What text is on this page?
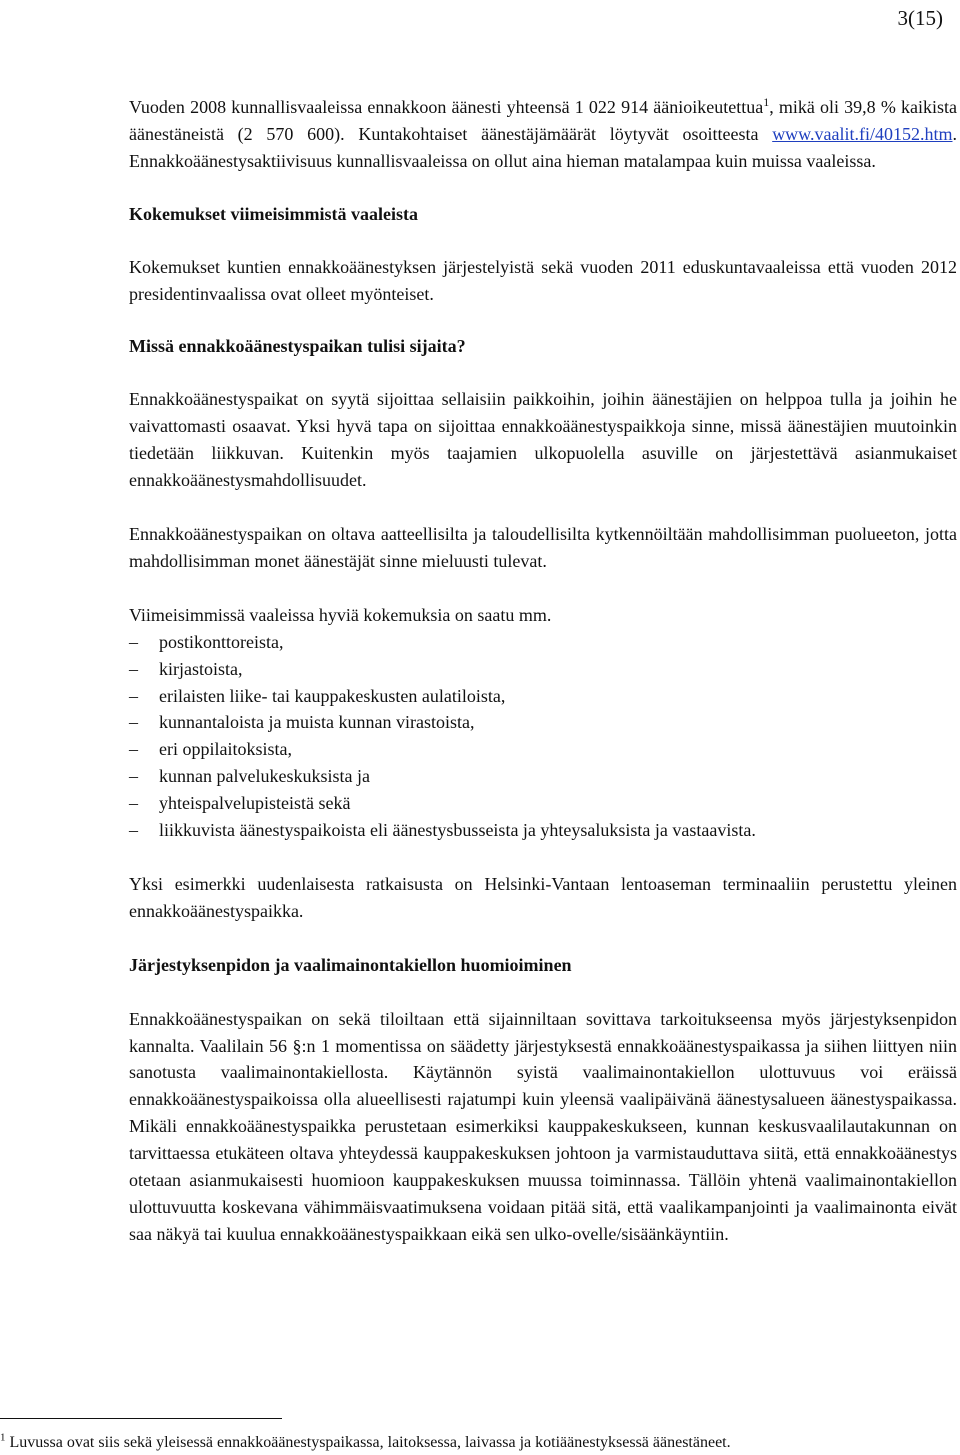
3(15)

Vuoden 2008 kunnallisvaaleissa ennakkoon äänesti yhteensä 1 022 914 äänioikeutettua$^1$, mikä oli 39,8 % kaikista äänestäneistä (2 570 600). Kuntakohtaiset äänestäjämäärät löytyvät osoitteesta www.vaalit.fi/40152.htm. Ennakkoäänestysaktiivisuus kunnallisvaaleissa on ollut aina hieman matalampaa kuin muissa vaaleissa.

Kokemukset viimeisimmistä vaaleista

Kokemukset kuntien ennakkoäänestyksen järjestelyistä sekä vuoden 2011 eduskuntavaaleissa että vuoden 2012 presidentinvaalissa ovat olleet myönteiset.

Missä ennakkoäänestyspaikan tulisi sijaita?

Ennakkoäänestyspaikat on syytä sijoittaa sellaisiin paikkoihin, joihin äänestäjien on helppoa tulla ja joihin he vaivattomasti osaavat. Yksi hyvä tapa on sijoittaa ennakkoäänestyspaikkoja sinne, missä äänestäjien muutoinkin tiedetään liikkuvan. Kuitenkin myös taajamien ulkopuolella asuville on järjestettävä asianmukaiset ennakkoäänestysmahdollisuudet.

Ennakkoäänestyspaikan on oltava aatteellisilta ja taloudellisilta kytkennöiltään mahdollisimman puolueeton, jotta mahdollisimman monet äänestäjät sinne mieluusti tulevat.

Viimeisimmissä vaaleissa hyviä kokemuksia on saatu mm.

– postikonttoreista,
– kirjastoista,
– erilaisten liike- tai kauppakeskusten aulatiloista,
– kunnantaloista ja muista kunnan virastoista,
– eri oppilaitoksista,
– kunnan palvelukeskuksista ja
– yhteispalvelupisteistä sekä
– liikkuvista äänestyspaikoista eli äänestysbusseista ja yhteysaluksista ja vastaavista.

Yksi esimerkki uudenlaisesta ratkaisusta on Helsinki-Vantaan lentoaseman terminaaliin perustettu yleinen ennakkoäänestyspaikka.

Järjestyksenpidon ja vaalimainontakiellon huomioiminen

Ennakkoäänestyspaikan on sekä tiloiltaan että sijainniltaan sovittava tarkoitukseensa myös järjestyksenpidon kannalta. Vaalilain 56 §:n 1 momentissa on säädetty järjestyksestä ennakkoäänestyspaikassa ja siihen liittyen niin sanotusta vaalimainontakiellosta. Käytännön syistä vaalimainontakiellon ulottuvuus voi eräissä ennakkoäänestyspaikoissa olla alueellisesti rajatumpi kuin yleensä vaalipäivänä äänestysalueen äänestyspaikassa. Mikäli ennakkoäänestyspaikka perustetaan esimerkiksi kauppakeskukseen, kunnan keskusvaalilautakunnan on tarvittaessa etukäteen oltava yhteydessä kauppakeskuksen johtoon ja varmistauduttava siitä, että ennakkoäänestys otetaan asianmukaisesti huomioon kauppakeskuksen muussa toiminnassa. Tällöin yhtenä vaalimainontakiellon ulottuvuutta koskevana vähimmäisvaatimuksena voidaan pitää sitä, että vaalikampanjointi ja vaalimainonta eivät saa näkyä tai kuulua ennakkoäänestyspaikkaan eikä sen ulko-ovelle/sisäänkäyntiin.

$^1$ Luvussa ovat siis sekä yleisessä ennakkoäänestyspaikassa, laitoksessa, laivassa ja kotiäänestyksessä äänestäneet.
